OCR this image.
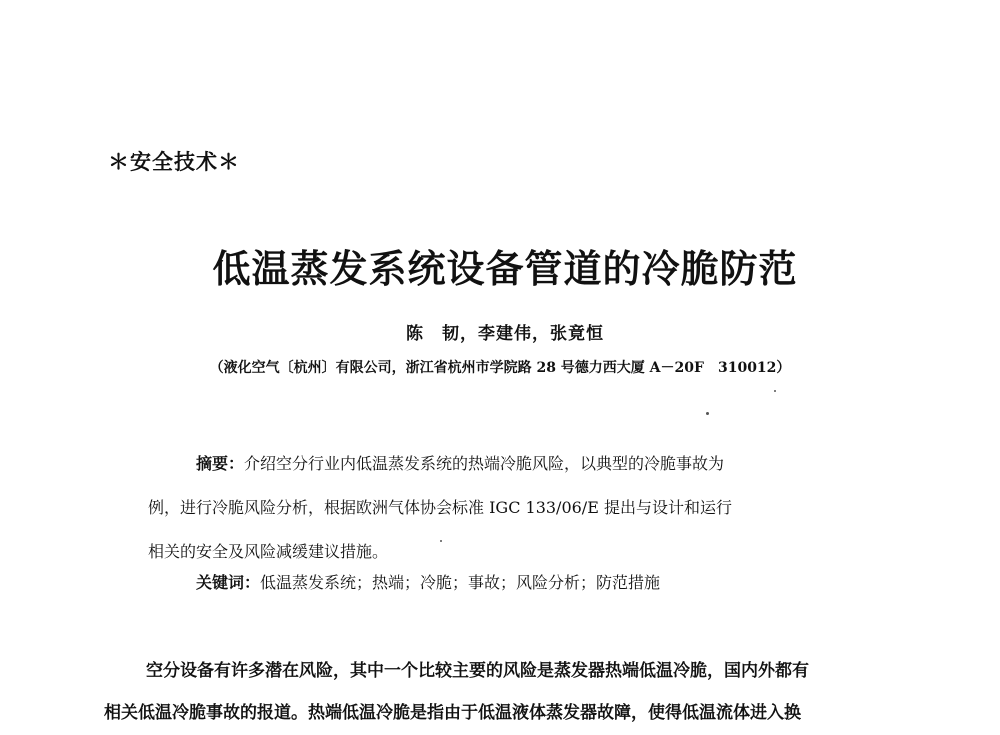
＊安全技术＊
低温蒸发系统设备管道的冷脆防范
陈　韧，李建伟，张竟恒
（液化空气〔杭州〕有限公司，浙江省杭州市学院路 28 号德力西大厦 A－20F　310012）
摘要：介绍空分行业内低温蒸发系统的热端冷脆风险，以典型的冷脆事故为
例，进行冷脆风险分析，根据欧洲气体协会标准 IGC 133/06/E 提出与设计和运行
相关的安全及风险减缓建议措施。
关键词：低温蒸发系统；热端；冷脆；事故；风险分析；防范措施
空分设备有许多潜在风险，其中一个比较主要的风险是蒸发器热端低温冷脆，国内外都有
相关低温冷脆事故的报道。热端低温冷脆是指由于低温液体蒸发器故障，使得低温流体进入换
